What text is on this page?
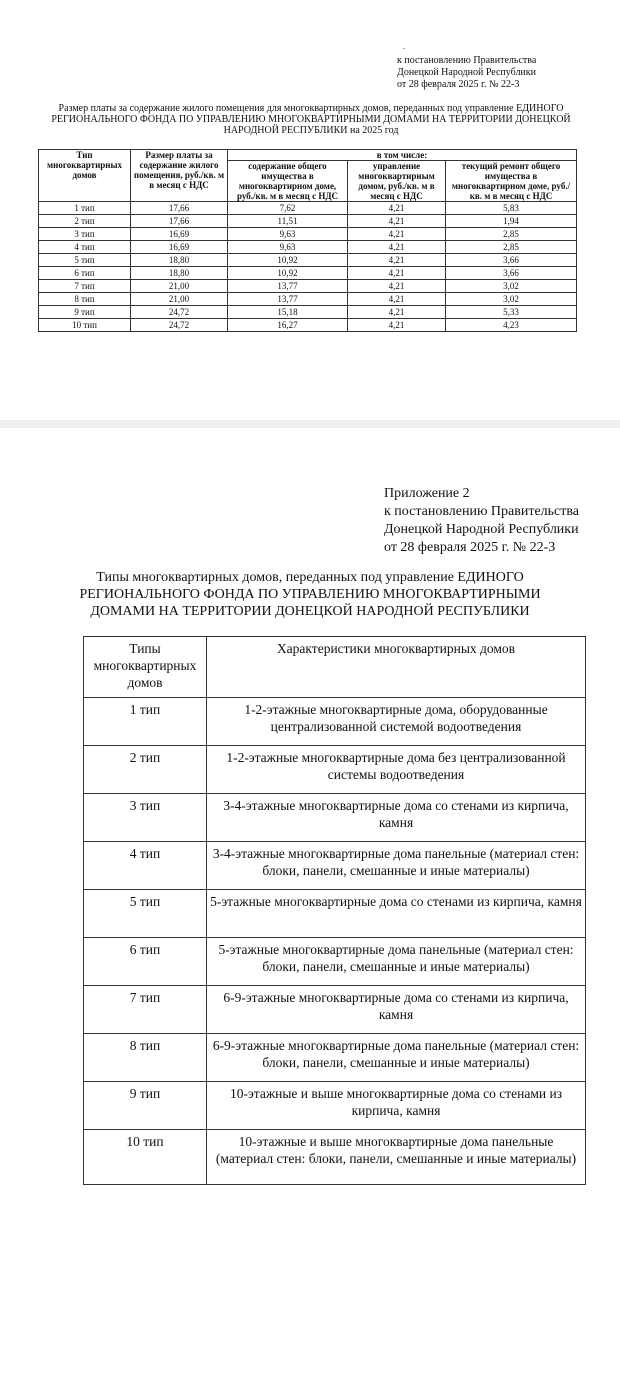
.
к постановлению Правительства
Донецкой Народной Республики
от 28 февраля 2025 г. № 22-3
Размер платы за содержание жилого помещения для многоквартирных домов, переданных под управление ЕДИНОГО РЕГИОНАЛЬНОГО ФОНДА ПО УПРАВЛЕНИЮ МНОГОКВАРТИРНЫМИ ДОМАМИ НА ТЕРРИТОРИИ ДОНЕЦКОЙ НАРОДНОЙ РЕСПУБЛИКИ на 2025 год
Тип многоквартирных домов	Размер платы за содержание жилого помещения, руб./кв. м в месяц с НДС	в том числе:		
		содержание общего имущества в многоквартирном доме, руб./кв. м в месяц с НДС	управление многоквартирным домом, руб./кв. м в месяц с НДС	текущий ремонт общего имущества в многоквартирном доме, руб./кв. м в месяц с НДС
1 тип	17,66	7,62	4,21	5,83
2 тип	17,66	11,51	4,21	1,94
3 тип	16,69	9,63	4,21	2,85
4 тип	16,69	9,63	4,21	2,85
5 тип	18,80	10,92	4,21	3,66
6 тип	18,80	10,92	4,21	3,66
7 тип	21,00	13,77	4,21	3,02
8 тип	21,00	13,77	4,21	3,02
9 тип	24,72	15,18	4,21	5,33
10 тип	24,72	16,27	4,21	4,23
Приложение 2
к постановлению Правительства
Донецкой Народной Республики
от 28 февраля 2025 г. № 22-3
Типы многоквартирных домов, переданных под управление ЕДИНОГО РЕГИОНАЛЬНОГО ФОНДА ПО УПРАВЛЕНИЮ МНОГОКВАРТИРНЫМИ ДОМАМИ НА ТЕРРИТОРИИ ДОНЕЦКОЙ НАРОДНОЙ РЕСПУБЛИКИ
Типы многоквартирных домов	Характеристики многоквартирных домов
1 тип	1-2-этажные многоквартирные дома, оборудованные централизованной системой водоотведения
2 тип	1-2-этажные многоквартирные дома без централизованной системы водоотведения
3 тип	3-4-этажные многоквартирные дома со стенами из кирпича, камня
4 тип	3-4-этажные многоквартирные дома панельные (материал стен: блоки, панели, смешанные и иные материалы)
5 тип	5-этажные многоквартирные дома со стенами из кирпича, камня
6 тип	5-этажные многоквартирные дома панельные (материал стен: блоки, панели, смешанные и иные материалы)
7 тип	6-9-этажные многоквартирные дома со стенами из кирпича, камня
8 тип	6-9-этажные многоквартирные дома панельные (материал стен: блоки, панели, смешанные и иные материалы)
9 тип	10-этажные и выше многоквартирные дома со стенами из кирпича, камня
10 тип	10-этажные и выше многоквартирные дома панельные (материал стен: блоки, панели, смешанные и иные материалы)
